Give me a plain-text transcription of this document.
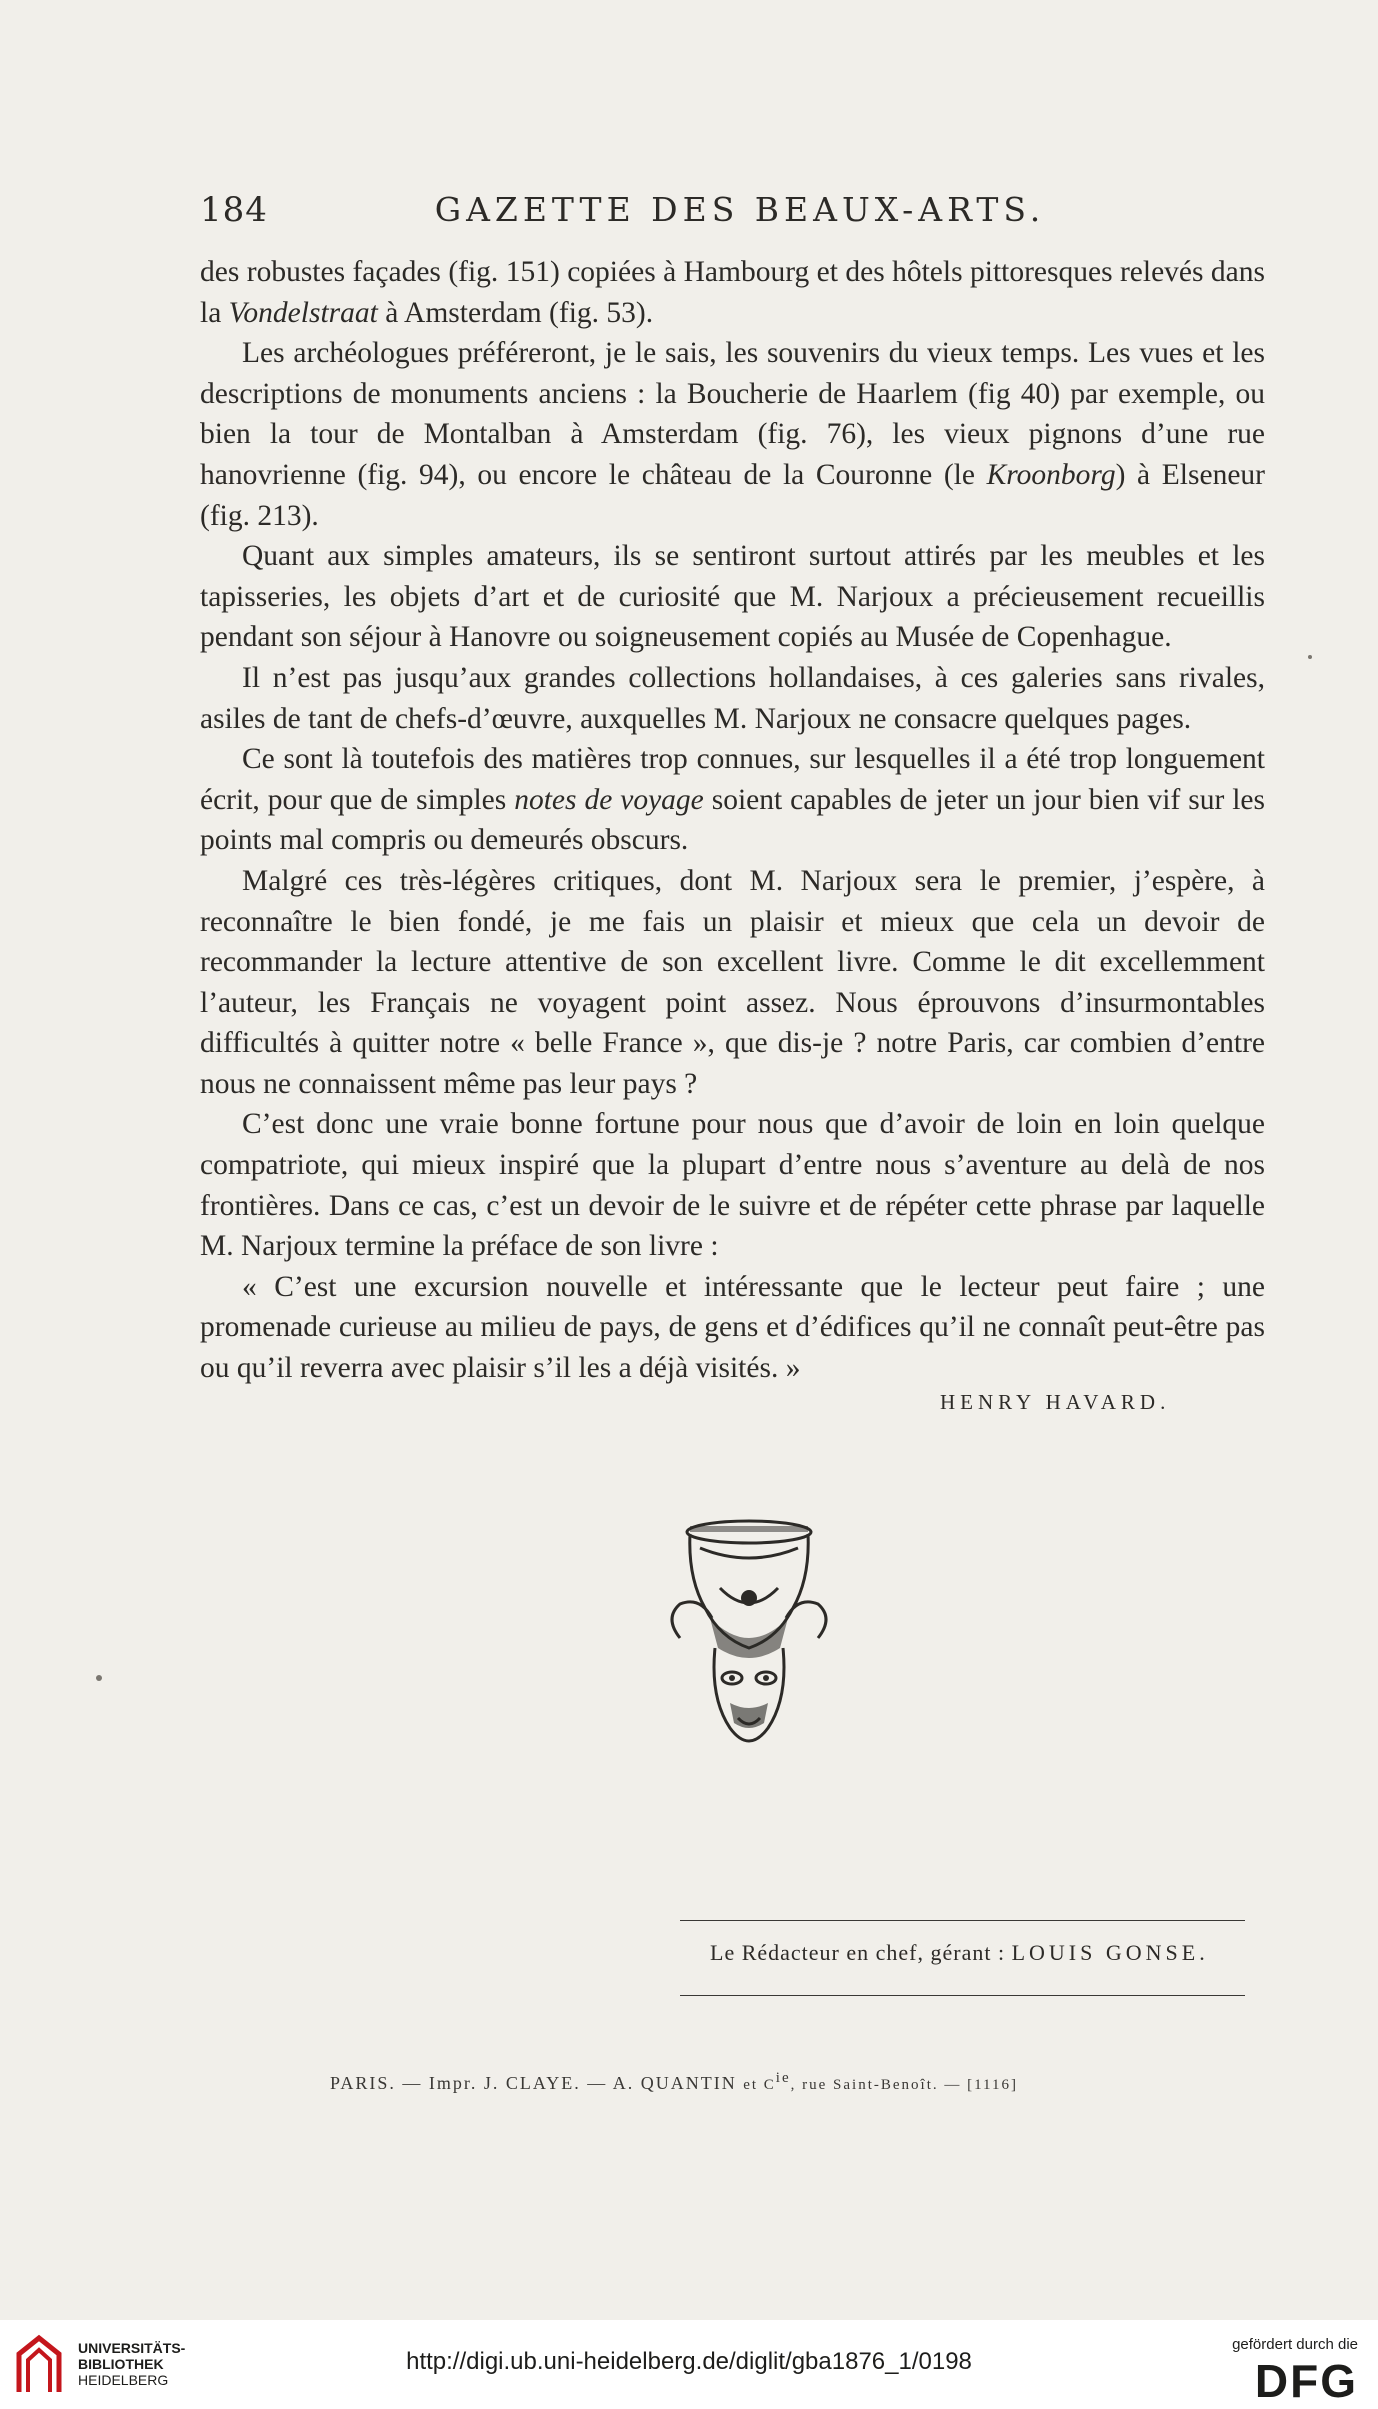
184	GAZETTE DES BEAUX-ARTS.

des robustes façades (fig. 151) copiées à Hambourg et des hôtels pittoresques relevés dans la Vondelstraat à Amsterdam (fig. 53).

Les archéologues préféreront, je le sais, les souvenirs du vieux temps. Les vues et les descriptions de monuments anciens : la Boucherie de Haarlem (fig 40) par exemple, ou bien la tour de Montalban à Amsterdam (fig. 76), les vieux pignons d’une rue hanovrienne (fig. 94), ou encore le château de la Couronne (le Kroonborg) à Elseneur (fig. 213).

Quant aux simples amateurs, ils se sentiront surtout attirés par les meubles et les tapisseries, les objets d’art et de curiosité que M. Narjoux a précieusement recueillis pendant son séjour à Hanovre ou soigneusement copiés au Musée de Copenhague.

Il n’est pas jusqu’aux grandes collections hollandaises, à ces galeries sans rivales, asiles de tant de chefs-d’œuvre, auxquelles M. Narjoux ne consacre quelques pages.

Ce sont là toutefois des matières trop connues, sur lesquelles il a été trop longuement écrit, pour que de simples notes de voyage soient capables de jeter un jour bien vif sur les points mal compris ou demeurés obscurs.

Malgré ces très-légères critiques, dont M. Narjoux sera le premier, j’espère, à reconnaître le bien fondé, je me fais un plaisir et mieux que cela un devoir de recommander la lecture attentive de son excellent livre. Comme le dit excellemment l’auteur, les Français ne voyagent point assez. Nous éprouvons d’insurmontables difficultés à quitter notre « belle France », que dis-je ? notre Paris, car combien d’entre nous ne connaissent même pas leur pays ?

C’est donc une vraie bonne fortune pour nous que d’avoir de loin en loin quelque compatriote, qui mieux inspiré que la plupart d’entre nous s’aventure au delà de nos frontières. Dans ce cas, c’est un devoir de le suivre et de répéter cette phrase par laquelle M. Narjoux termine la préface de son livre :

« C’est une excursion nouvelle et intéressante que le lecteur peut faire ; une promenade curieuse au milieu de pays, de gens et d’édifices qu’il ne connaît peut-être pas ou qu’il reverra avec plaisir s’il les a déjà visités. »

HENRY HAVARD.
Le Rédacteur en chef, gérant : LOUIS GONSE.
PARIS. — Impr. J. CLAYE. — A. QUANTIN et $C^{ie}$, rue Saint-Benoît. — [1116]
UNIVERSITÄTS-
BIBLIOTHEK
HEIDELBERG
http://digi.ub.uni-heidelberg.de/diglit/gba1876_1/0198
gefördert durch die
DFG
